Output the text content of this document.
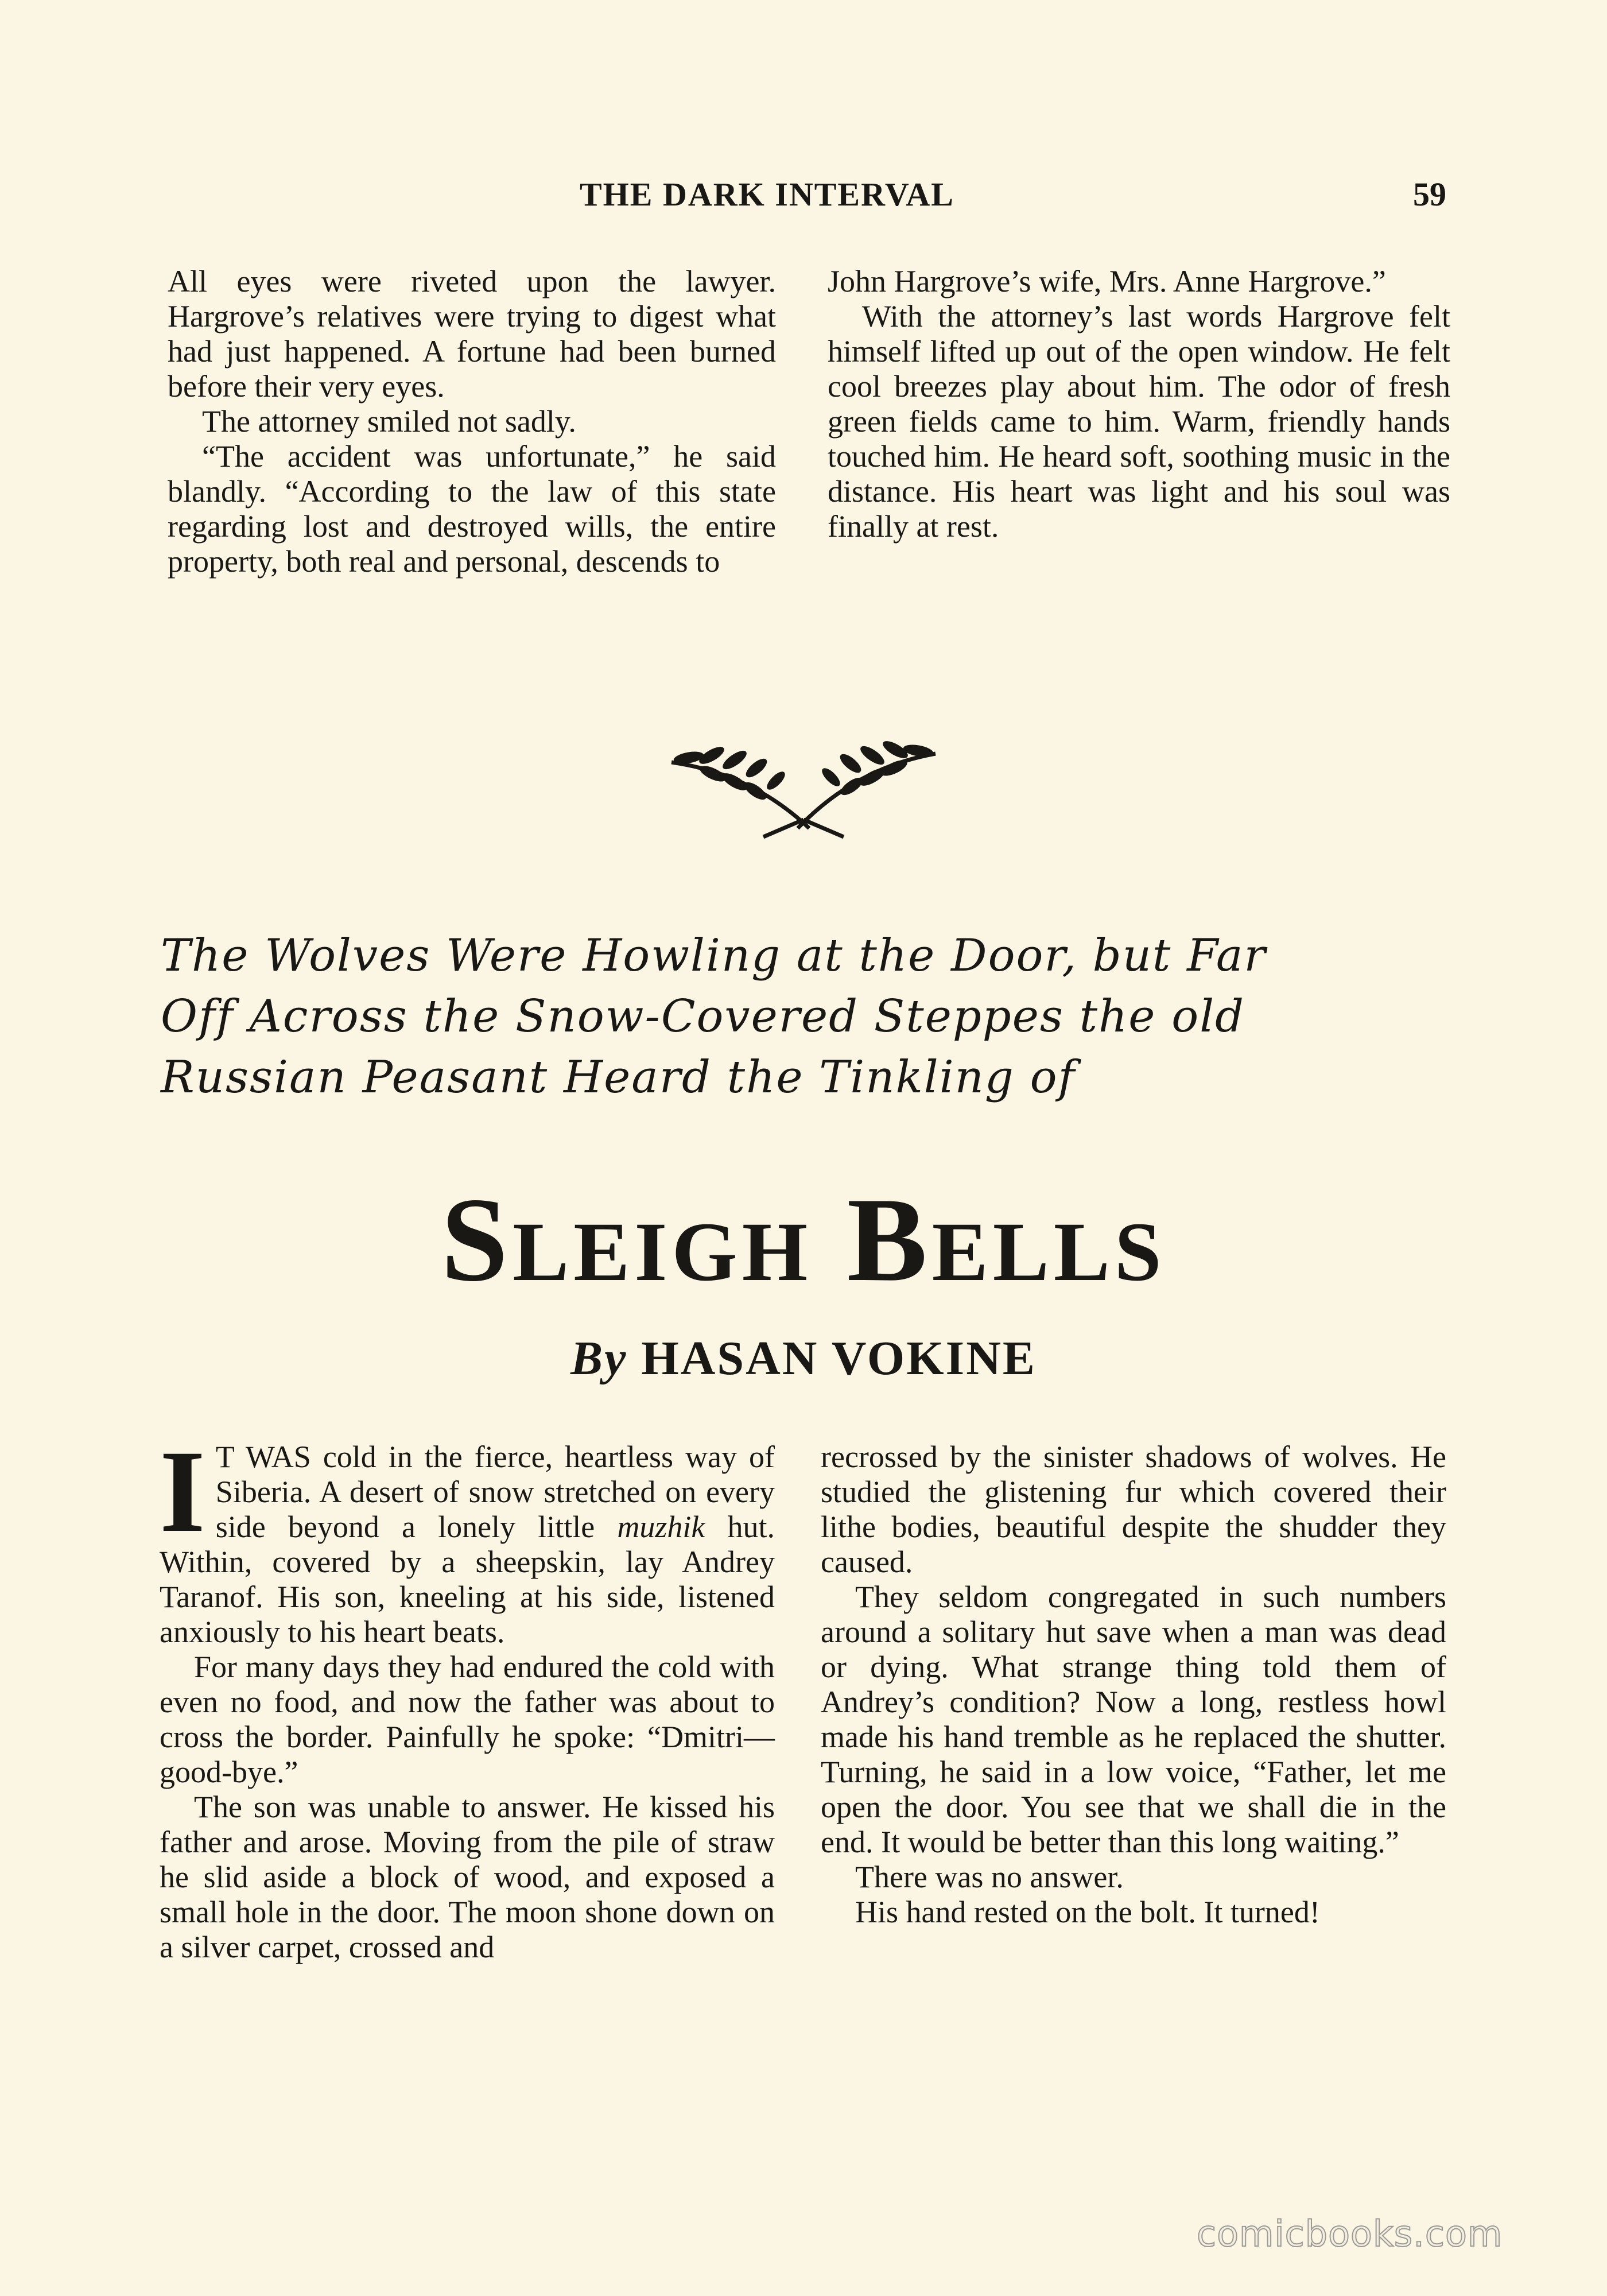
THE DARK INTERVAL	59

All eyes were riveted upon the lawyer. Hargrove’s relatives were trying to digest what had just happened. A fortune had been burned before their very eyes.

The attorney smiled not sadly.

“The accident was unfortunate,” he said blandly. “According to the law of this state regarding lost and destroyed wills, the entire property, both real and personal, descends to

John Hargrove’s wife, Mrs. Anne Hargrove.”

With the attorney’s last words Hargrove felt himself lifted up out of the open window. He felt cool breezes play about him. The odor of fresh green fields came to him. Warm, friendly hands touched him. He heard soft, soothing music in the distance. His heart was light and his soul was finally at rest.

The Wolves Were Howling at the Door, but Far
Off Across the Snow-Covered Steppes the old
Russian Peasant Heard the Tinkling of
Sleigh Bells
By HASAN VOKINE

I T WAS cold in the fierce, heartless way of Siberia. A desert of snow stretched on every side beyond a lonely little muzhik hut. Within, covered by a sheepskin, lay Andrey Taranof. His son, kneeling at his side, listened anxiously to his heart beats.

For many days they had endured the cold with even no food, and now the father was about to cross the border. Painfully he spoke: “Dmitri—good-bye.”

The son was unable to answer. He kissed his father and arose. Moving from the pile of straw he slid aside a block of wood, and exposed a small hole in the door. The moon shone down on a silver carpet, crossed and

recrossed by the sinister shadows of wolves. He studied the glistening fur which covered their lithe bodies, beautiful despite the shudder they caused.

They seldom congregated in such numbers around a solitary hut save when a man was dead or dying. What strange thing told them of Andrey’s condition? Now a long, restless howl made his hand tremble as he replaced the shutter. Turning, he said in a low voice, “Father, let me open the door. You see that we shall die in the end. It would be better than this long waiting.”

There was no answer.

His hand rested on the bolt. It turned!

comicbooks.com
